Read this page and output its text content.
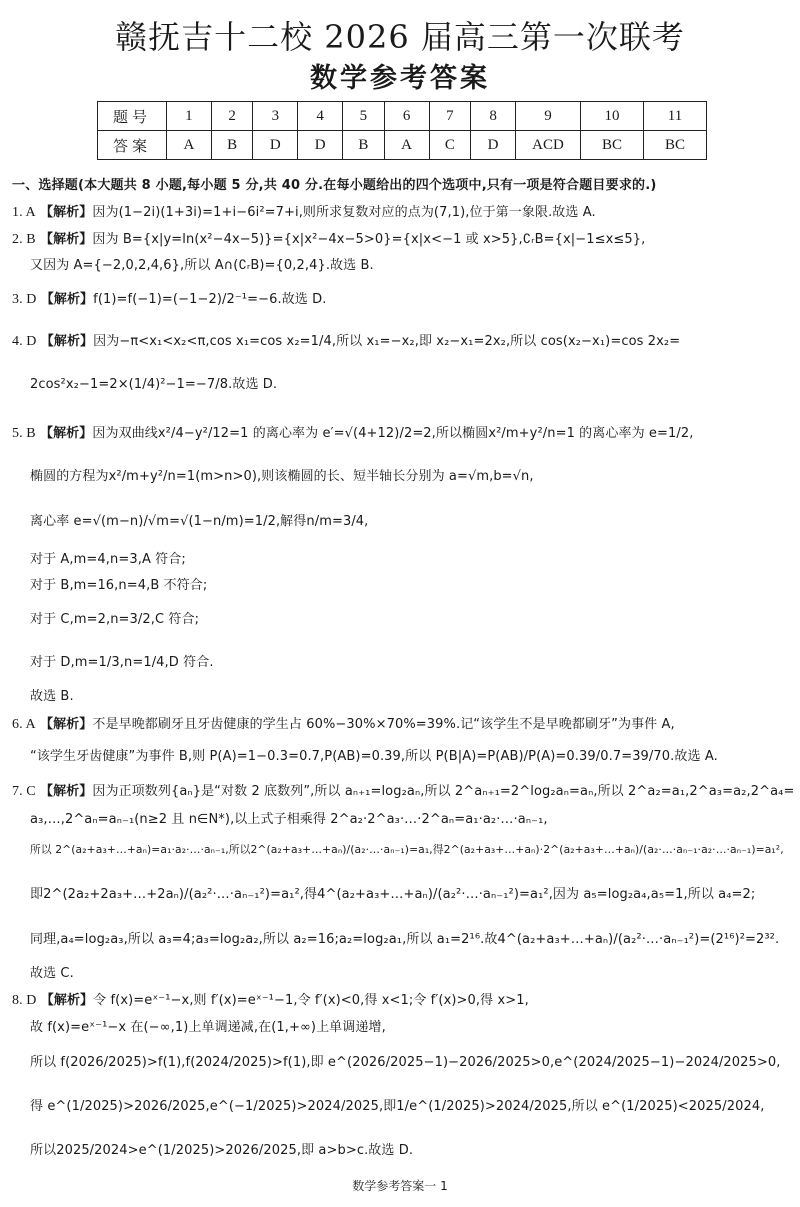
赣抚吉十二校 2026 届高三第一次联考
数学参考答案
题号	1	2	3	4	5	6	7	8	9	10	11
答案	A	B	D	D	B	A	C	D	ACD	BC	BC
一、选择题(本大题共 8 小题,每小题 5 分,共 40 分.在每小题给出的四个选项中,只有一项是符合题目要求的.)
1. A 【解析】因为(1−2i)(1+3i)=1+i−6i²=7+i,则所求复数对应的点为(7,1),位于第一象限.故选 A.
2. B 【解析】因为 B={x|y=ln(x²−4x−5)}={x|x²−4x−5>0}={x|x<−1 或 x>5},∁ᵣB={x|−1≤x≤5},
又因为 A={−2,0,2,4,6},所以 A∩(∁ᵣB)={0,2,4}.故选 B.
3. D 【解析】f(1)=f(−1)=(−1−2)/2⁻¹=−6.故选 D.
4. D 【解析】因为−π<x₁<x₂<π,cos x₁=cos x₂=1/4,所以 x₁=−x₂,即 x₂−x₁=2x₂,所以 cos(x₂−x₁)=cos 2x₂=
2cos²x₂−1=2×(1/4)²−1=−7/8.故选 D.
5. B 【解析】因为双曲线x²/4−y²/12=1 的离心率为 e′=√(4+12)/2=2,所以椭圆x²/m+y²/n=1 的离心率为 e=1/2,
椭圆的方程为x²/m+y²/n=1(m>n>0),则该椭圆的长、短半轴长分别为 a=√m,b=√n,
离心率 e=√(m−n)/√m=√(1−n/m)=1/2,解得n/m=3/4,
对于 A,m=4,n=3,A 符合;
对于 B,m=16,n=4,B 不符合;
对于 C,m=2,n=3/2,C 符合;
对于 D,m=1/3,n=1/4,D 符合.
故选 B.
6. A 【解析】不是早晚都刷牙且牙齿健康的学生占 60%−30%×70%=39%.记“该学生不是早晚都刷牙”为事件 A,
“该学生牙齿健康”为事件 B,则 P(A)=1−0.3=0.7,P(AB)=0.39,所以 P(B|A)=P(AB)/P(A)=0.39/0.7=39/70.故选 A.
7. C 【解析】因为正项数列{aₙ}是“对数 2 底数列”,所以 aₙ₊₁=log₂aₙ,所以 2^aₙ₊₁=2^log₂aₙ=aₙ,所以 2^a₂=a₁,2^a₃=a₂,2^a₄=
a₃,…,2^aₙ=aₙ₋₁(n≥2 且 n∈N*),以上式子相乘得 2^a₂·2^a₃·…·2^aₙ=a₁·a₂·…·aₙ₋₁,
所以 2^(a₂+a₃+…+aₙ)=a₁·a₂·…·aₙ₋₁,所以2^(a₂+a₃+…+aₙ)/(a₂·…·aₙ₋₁)=a₁,得2^(a₂+a₃+…+aₙ)·2^(a₂+a₃+…+aₙ)/(a₂·…·aₙ₋₁·a₂·…·aₙ₋₁)=a₁²,
即2^(2a₂+2a₃+…+2aₙ)/(a₂²·…·aₙ₋₁²)=a₁²,得4^(a₂+a₃+…+aₙ)/(a₂²·…·aₙ₋₁²)=a₁²,因为 a₅=log₂a₄,a₅=1,所以 a₄=2;
同理,a₄=log₂a₃,所以 a₃=4;a₃=log₂a₂,所以 a₂=16;a₂=log₂a₁,所以 a₁=2¹⁶.故4^(a₂+a₃+…+aₙ)/(a₂²·…·aₙ₋₁²)=(2¹⁶)²=2³².
故选 C.
8. D 【解析】令 f(x)=eˣ⁻¹−x,则 f′(x)=eˣ⁻¹−1,令 f′(x)<0,得 x<1;令 f′(x)>0,得 x>1,
故 f(x)=eˣ⁻¹−x 在(−∞,1)上单调递减,在(1,+∞)上单调递增,
所以 f(2026/2025)>f(1),f(2024/2025)>f(1),即 e^(2026/2025−1)−2026/2025>0,e^(2024/2025−1)−2024/2025>0,
得 e^(1/2025)>2026/2025,e^(−1/2025)>2024/2025,即1/e^(1/2025)>2024/2025,所以 e^(1/2025)<2025/2024,
所以2025/2024>e^(1/2025)>2026/2025,即 a>b>c.故选 D.
数学参考答案一 1
